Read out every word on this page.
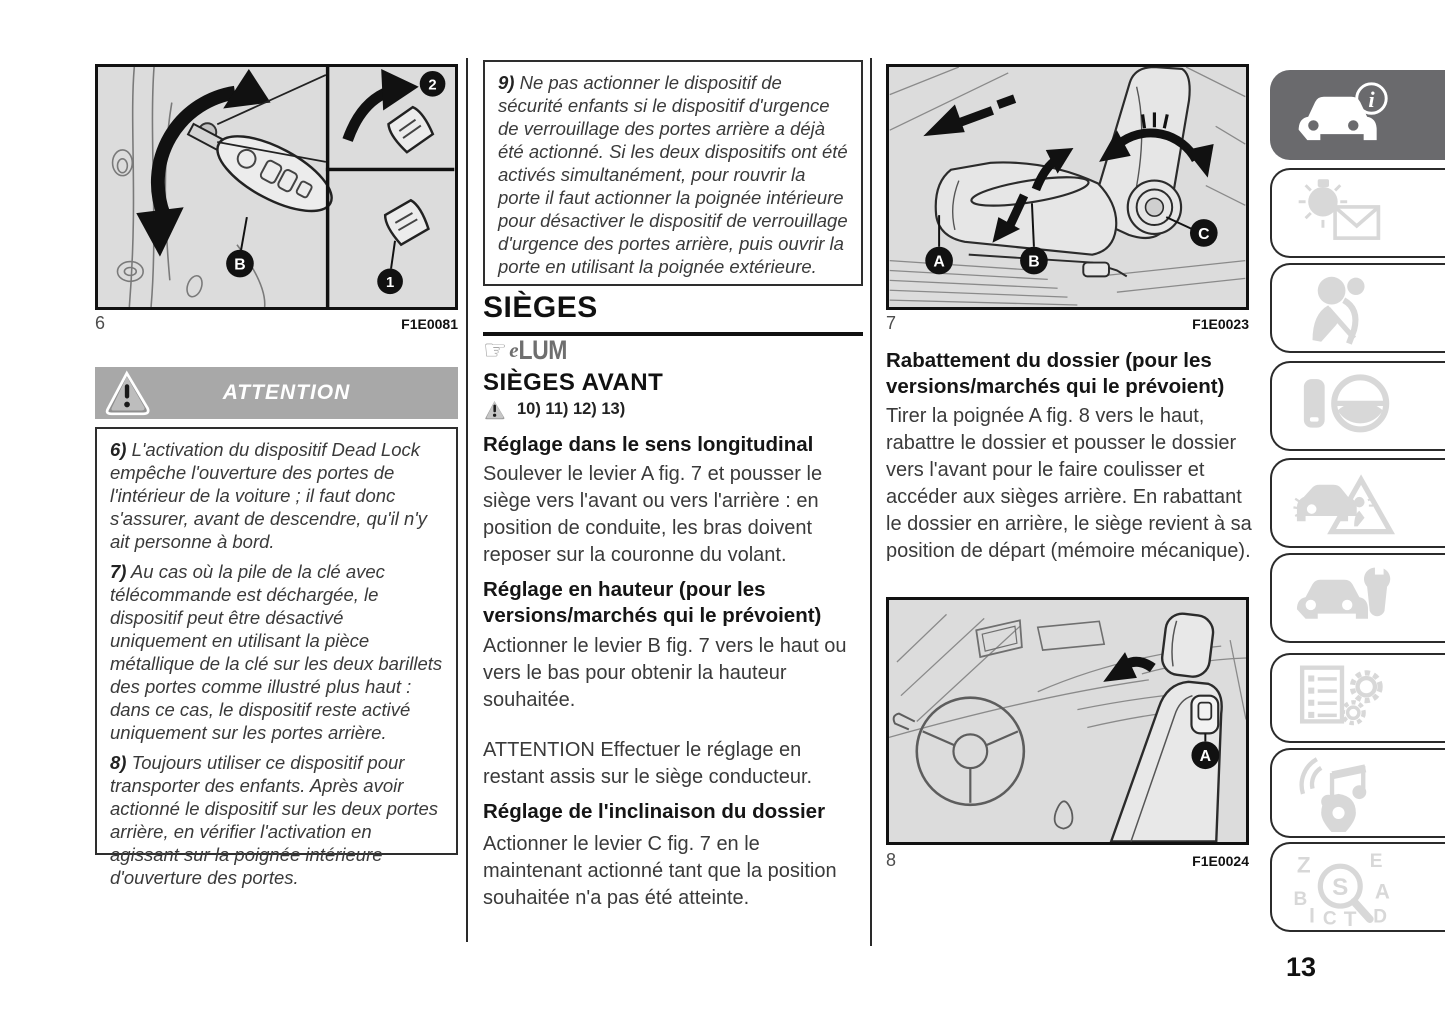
B
2
1
6	F1E0081
ATTENTION

6) L'activation du dispositif Dead Lock empêche l'ouverture des portes de l'intérieur de la voiture ; il faut donc s'assurer, avant de descendre, qu'il n'y ait personne à bord.

7) Au cas où la pile de la clé avec télécommande est déchargée, le dispositif peut être désactivé uniquement en utilisant la pièce métallique de la clé sur les deux barillets des portes comme illustré plus haut : dans ce cas, le dispositif reste activé uniquement sur les portes arrière.

8) Toujours utiliser ce dispositif pour transporter des enfants. Après avoir actionné le dispositif sur les deux portes arrière, en vérifier l'activation en agissant sur la poignée intérieure d'ouverture des portes.

9) Ne pas actionner le dispositif de sécurité enfants si le dispositif d'urgence de verrouillage des portes arrière a déjà été actionné. Si les deux dispositifs ont été activés simultanément, pour rouvrir la porte il faut actionner la poignée intérieure pour désactiver le dispositif de verrouillage d'urgence des portes arrière, puis ouvrir la porte en utilisant la poignée extérieure.

SIÈGES
☞ e LUM
SIÈGES AVANT
10) 11) 12) 13)
Réglage dans le sens longitudinal
Soulever le levier A fig. 7 et pousser le siège vers l'avant ou vers l'arrière : en position de conduite, les bras doivent reposer sur la couronne du volant.
Réglage en hauteur (pour les versions/marchés qui le prévoient)
Actionner le levier B fig. 7 vers le haut ou vers le bas pour obtenir la hauteur souhaitée.
ATTENTION Effectuer le réglage en restant assis sur le siège conducteur.
Réglage de l'inclinaison du dossier
Actionner le levier C fig. 7 en le maintenant actionné tant que la position souhaitée n'a pas été atteinte.
A	B
C
7	F1E0023
Rabattement du dossier (pour les versions/marchés qui le prévoient)
Tirer la poignée A fig. 8 vers le haut, rabattre le dossier et pousser le dossier vers l'avant pour le faire coulisser et accéder aux sièges arrière. En rabattant le dossier en arrière, le siège revient à sa position de départ (mémoire mécanique).
A
8	F1E0024
i
Z	E
B	A
I C T D
S
13
